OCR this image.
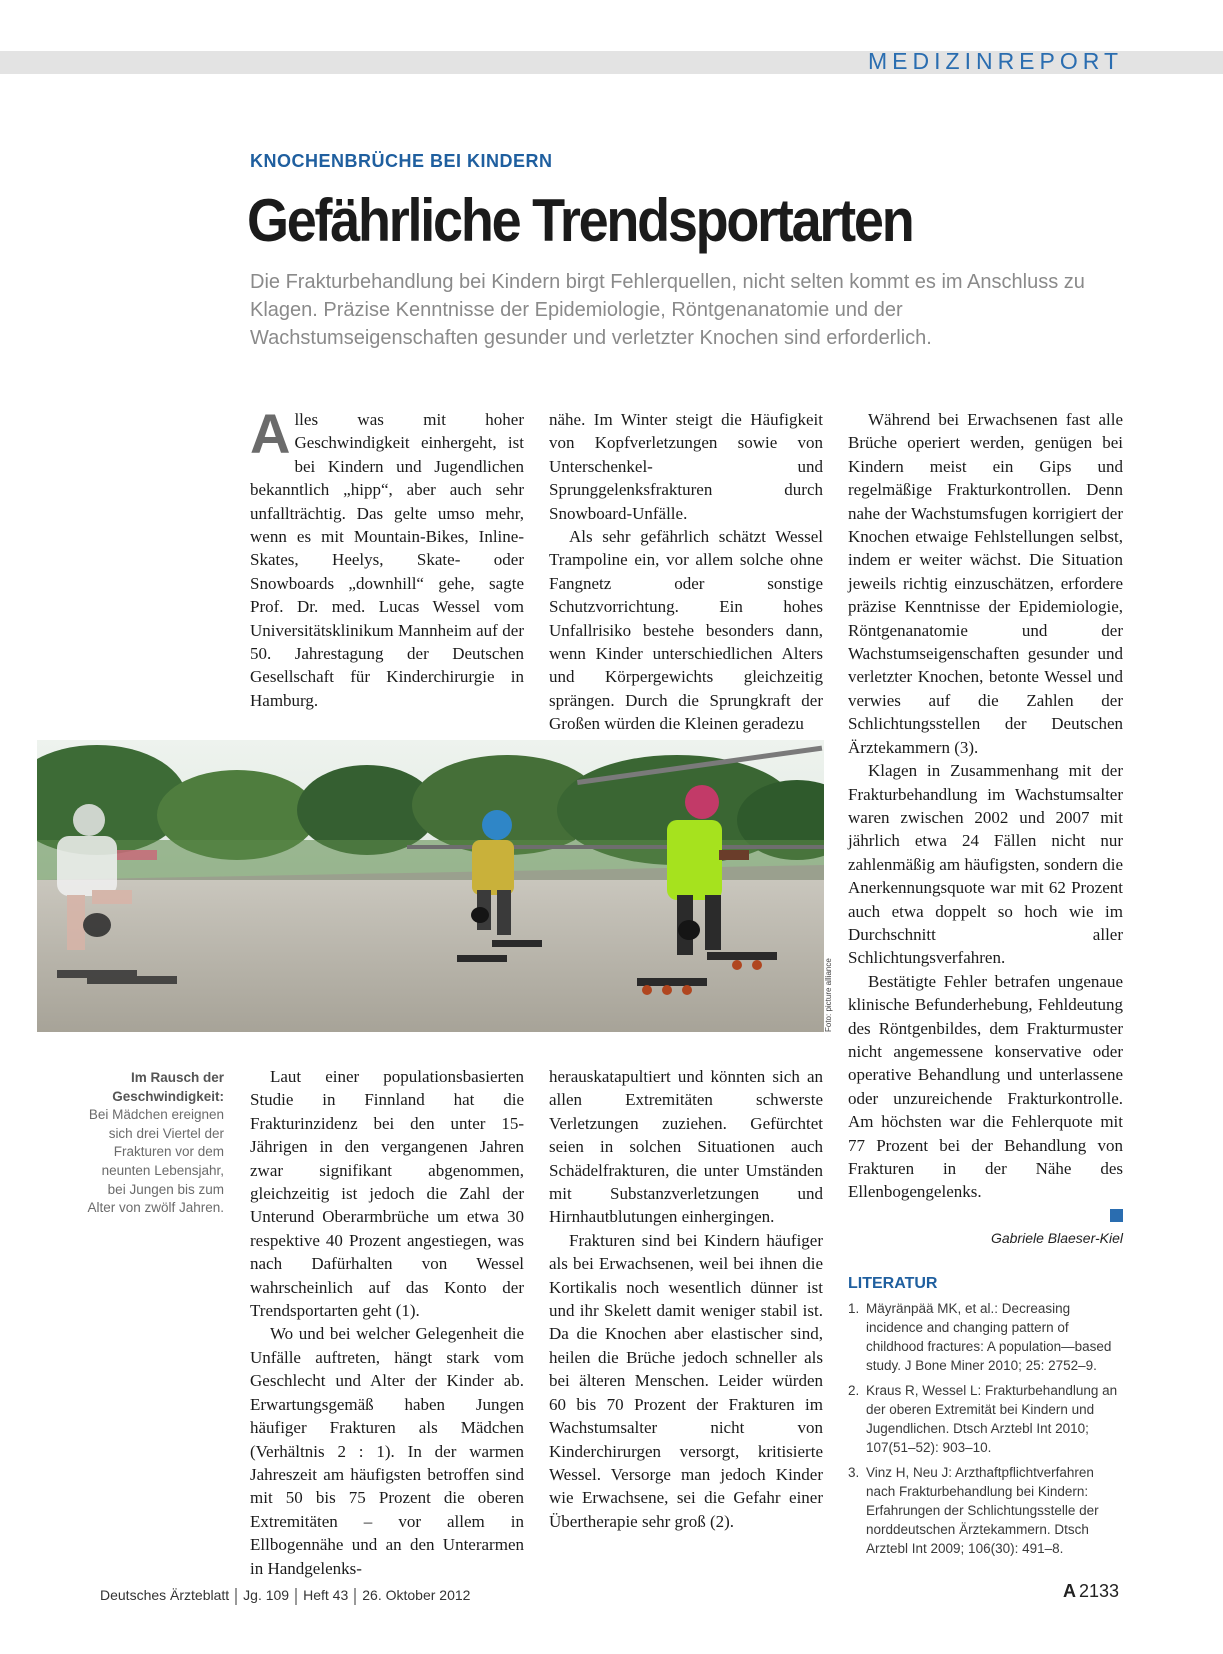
MEDIZINREPORT
KNOCHENBRÜCHE BEI KINDERN
Gefährliche Trendsportarten
Die Frakturbehandlung bei Kindern birgt Fehlerquellen, nicht selten kommt es im Anschluss zu Klagen. Präzise Kenntnisse der Epidemiologie, Röntgenanatomie und der Wachstumseigenschaften gesunder und verletzter Knochen sind erforderlich.

Alles was mit hoher Geschwindigkeit einhergeht, ist bei Kindern und Jugendlichen bekanntlich „hipp“, aber auch sehr unfallträchtig. Das gelte umso mehr, wenn es mit Mountain-Bikes, Inline-Skates, Heelys, Skate- oder Snowboards „downhill“ gehe, sagte Prof. Dr. med. Lucas Wessel vom Universitätsklinikum Mannheim auf der 50. Jahrestagung der Deutschen Gesellschaft für Kinderchirurgie in Hamburg.

nähe. Im Winter steigt die Häufigkeit von Kopfverletzungen sowie von Unterschenkel- und Sprunggelenksfrakturen durch Snowboard-Unfälle.

Als sehr gefährlich schätzt Wessel Trampoline ein, vor allem solche ohne Fangnetz oder sonstige Schutzvorrichtung. Ein hohes Unfallrisiko bestehe besonders dann, wenn Kinder unterschiedlichen Alters und Körpergewichts gleichzeitig sprängen. Durch die Sprungkraft der Großen würden die Kleinen geradezu

Während bei Erwachsenen fast alle Brüche operiert werden, genügen bei Kindern meist ein Gips und regelmäßige Frakturkontrollen. Denn nahe der Wachstumsfugen korrigiert der Knochen etwaige Fehlstellungen selbst, indem er weiter wächst. Die Situation jeweils richtig einzuschätzen, erfordere präzise Kenntnisse der Epidemiologie, Röntgenanatomie und der Wachstumseigenschaften gesunder und verletzter Knochen, betonte Wessel und verwies auf die Zahlen der Schlichtungsstellen der Deutschen Ärztekammern (3).

Klagen in Zusammenhang mit der Frakturbehandlung im Wachstumsalter waren zwischen 2002 und 2007 mit jährlich etwa 24 Fällen nicht nur zahlenmäßig am häufigsten, sondern die Anerkennungsquote war mit 62 Prozent auch etwa doppelt so hoch wie im Durchschnitt aller Schlichtungsverfahren.

Bestätigte Fehler betrafen ungenaue klinische Befunderhebung, Fehldeutung des Röntgenbildes, dem Frakturmuster nicht angemessene konservative oder operative Behandlung und unterlassene oder unzureichende Frakturkontrolle. Am höchsten war die Fehlerquote mit 77 Prozent bei der Behandlung von Frakturen in der Nähe des Ellenbogengelenks.

Gabriele Blaeser-Kiel
Foto: picture alliance
Im Rausch der Geschwindigkeit:
Bei Mädchen ereignen sich drei Viertel der Frakturen vor dem neunten Lebensjahr, bei Jungen bis zum Alter von zwölf Jahren.

Laut einer populationsbasierten Studie in Finnland hat die Frakturinzidenz bei den unter 15-Jährigen in den vergangenen Jahren zwar signifikant abgenommen, gleichzeitig ist jedoch die Zahl der Unterund Oberarmbrüche um etwa 30 respektive 40 Prozent angestiegen, was nach Dafürhalten von Wessel wahrscheinlich auf das Konto der Trendsportarten geht (1).

Wo und bei welcher Gelegenheit die Unfälle auftreten, hängt stark vom Geschlecht und Alter der Kinder ab. Erwartungsgemäß haben Jungen häufiger Frakturen als Mädchen (Verhältnis 2 : 1). In der warmen Jahreszeit am häufigsten betroffen sind mit 50 bis 75 Prozent die oberen Extremitäten – vor allem in Ellbogennähe und an den Unterarmen in Handgelenks-

herauskatapultiert und könnten sich an allen Extremitäten schwerste Verletzungen zuziehen. Gefürchtet seien in solchen Situationen auch Schädelfrakturen, die unter Umständen mit Substanzverletzungen und Hirnhautblutungen einhergingen.

Frakturen sind bei Kindern häufiger als bei Erwachsenen, weil bei ihnen die Kortikalis noch wesentlich dünner ist und ihr Skelett damit weniger stabil ist. Da die Knochen aber elastischer sind, heilen die Brüche jedoch schneller als bei älteren Menschen. Leider würden 60 bis 70 Prozent der Frakturen im Wachstumsalter nicht von Kinderchirurgen versorgt, kritisierte Wessel. Versorge man jedoch Kinder wie Erwachsene, sei die Gefahr einer Übertherapie sehr groß (2).

LITERATUR
1. Mäyränpää MK, et al.: Decreasing incidence and changing pattern of childhood fractures: A population—based study. J Bone Miner 2010; 25: 2752–9.
2. Kraus R, Wessel L: Frakturbehandlung an der oberen Extremität bei Kindern und Jugendlichen. Dtsch Arztebl Int 2010; 107(51–52): 903–10.
3. Vinz H, Neu J: Arzthaftpflichtverfahren nach Frakturbehandlung bei Kindern: Erfahrungen der Schlichtungsstelle der norddeutschen Ärztekammern. Dtsch Arztebl Int 2009; 106(30): 491–8.
Deutsches Ärzteblatt Jg. 109 Heft 43 26. Oktober 2012	A 2133
